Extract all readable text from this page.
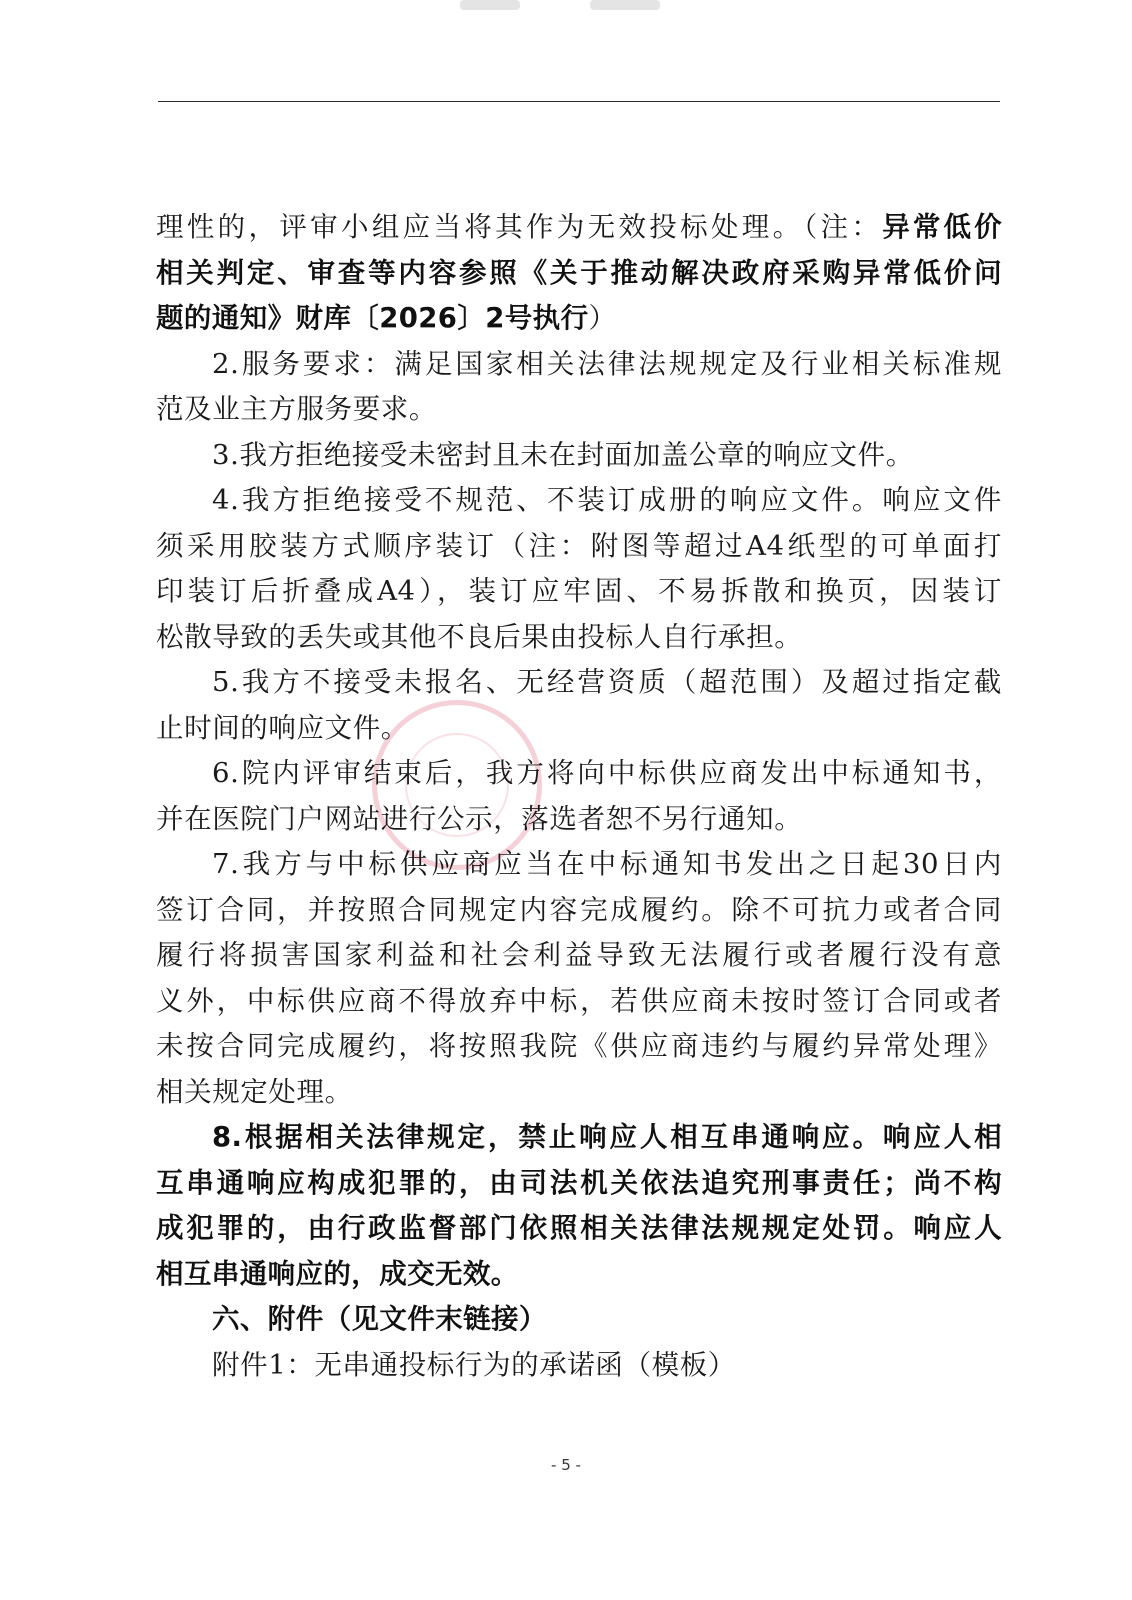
理性的，评审小组应当将其作为无效投标处理。（注：异常低价
相关判定、审查等内容参照《关于推动解决政府采购异常低价问
题的通知》财库〔2026〕2号执行）
2.服务要求：满足国家相关法律法规规定及行业相关标准规
范及业主方服务要求。
3.我方拒绝接受未密封且未在封面加盖公章的响应文件。
4.我方拒绝接受不规范、不装订成册的响应文件。响应文件
须采用胶装方式顺序装订（注：附图等超过A4纸型的可单面打
印装订后折叠成A4），装订应牢固、不易拆散和换页，因装订
松散导致的丢失或其他不良后果由投标人自行承担。
5.我方不接受未报名、无经营资质（超范围）及超过指定截
止时间的响应文件。
6.院内评审结束后，我方将向中标供应商发出中标通知书，
并在医院门户网站进行公示，落选者恕不另行通知。
7.我方与中标供应商应当在中标通知书发出之日起30日内
签订合同，并按照合同规定内容完成履约。除不可抗力或者合同
履行将损害国家利益和社会利益导致无法履行或者履行没有意
义外，中标供应商不得放弃中标，若供应商未按时签订合同或者
未按合同完成履约，将按照我院《供应商违约与履约异常处理》
相关规定处理。
8.根据相关法律规定，禁止响应人相互串通响应。响应人相
互串通响应构成犯罪的，由司法机关依法追究刑事责任；尚不构
成犯罪的，由行政监督部门依照相关法律法规规定处罚。响应人
相互串通响应的，成交无效。
六、附件（见文件末链接）
附件1：无串通投标行为的承诺函（模板）
- 5 -
